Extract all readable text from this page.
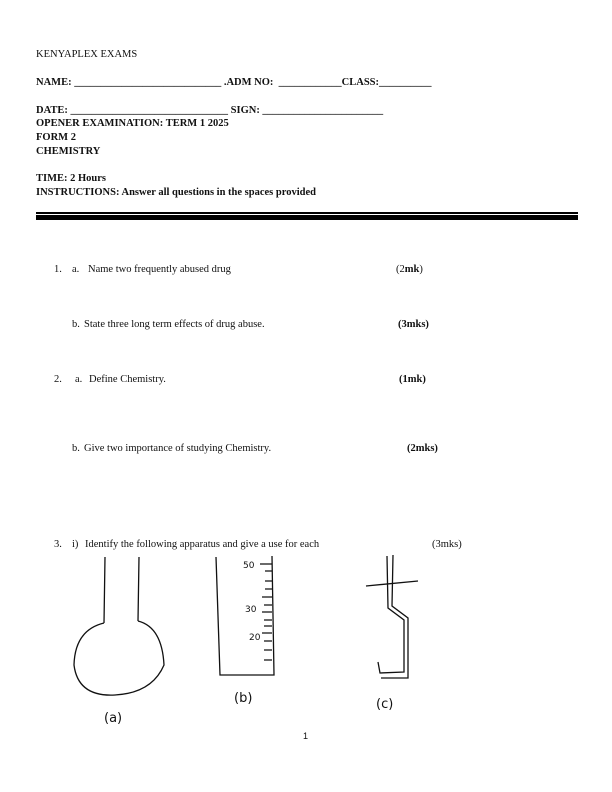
KENYAPLEX EXAMS
NAME: ____________________________ .ADM NO:  ____________CLASS:__________
DATE: ______________________________ SIGN: _______________________
OPENER EXAMINATION: TERM 1 2025
FORM 2
CHEMISTRY
TIME: 2 Hours
INSTRUCTIONS: Answer all questions in the spaces provided
1. a. Name two frequently abused drug	(2mk)
b. State three long term effects of drug abuse.	(3mks)
2. a. Define Chemistry.	(1mk)
b. Give two importance of studying Chemistry.	(2mks)
3. i) Identify the following apparatus and give a use for each	(3mks)
50
30
20
(a)
(b)	(c)
1
